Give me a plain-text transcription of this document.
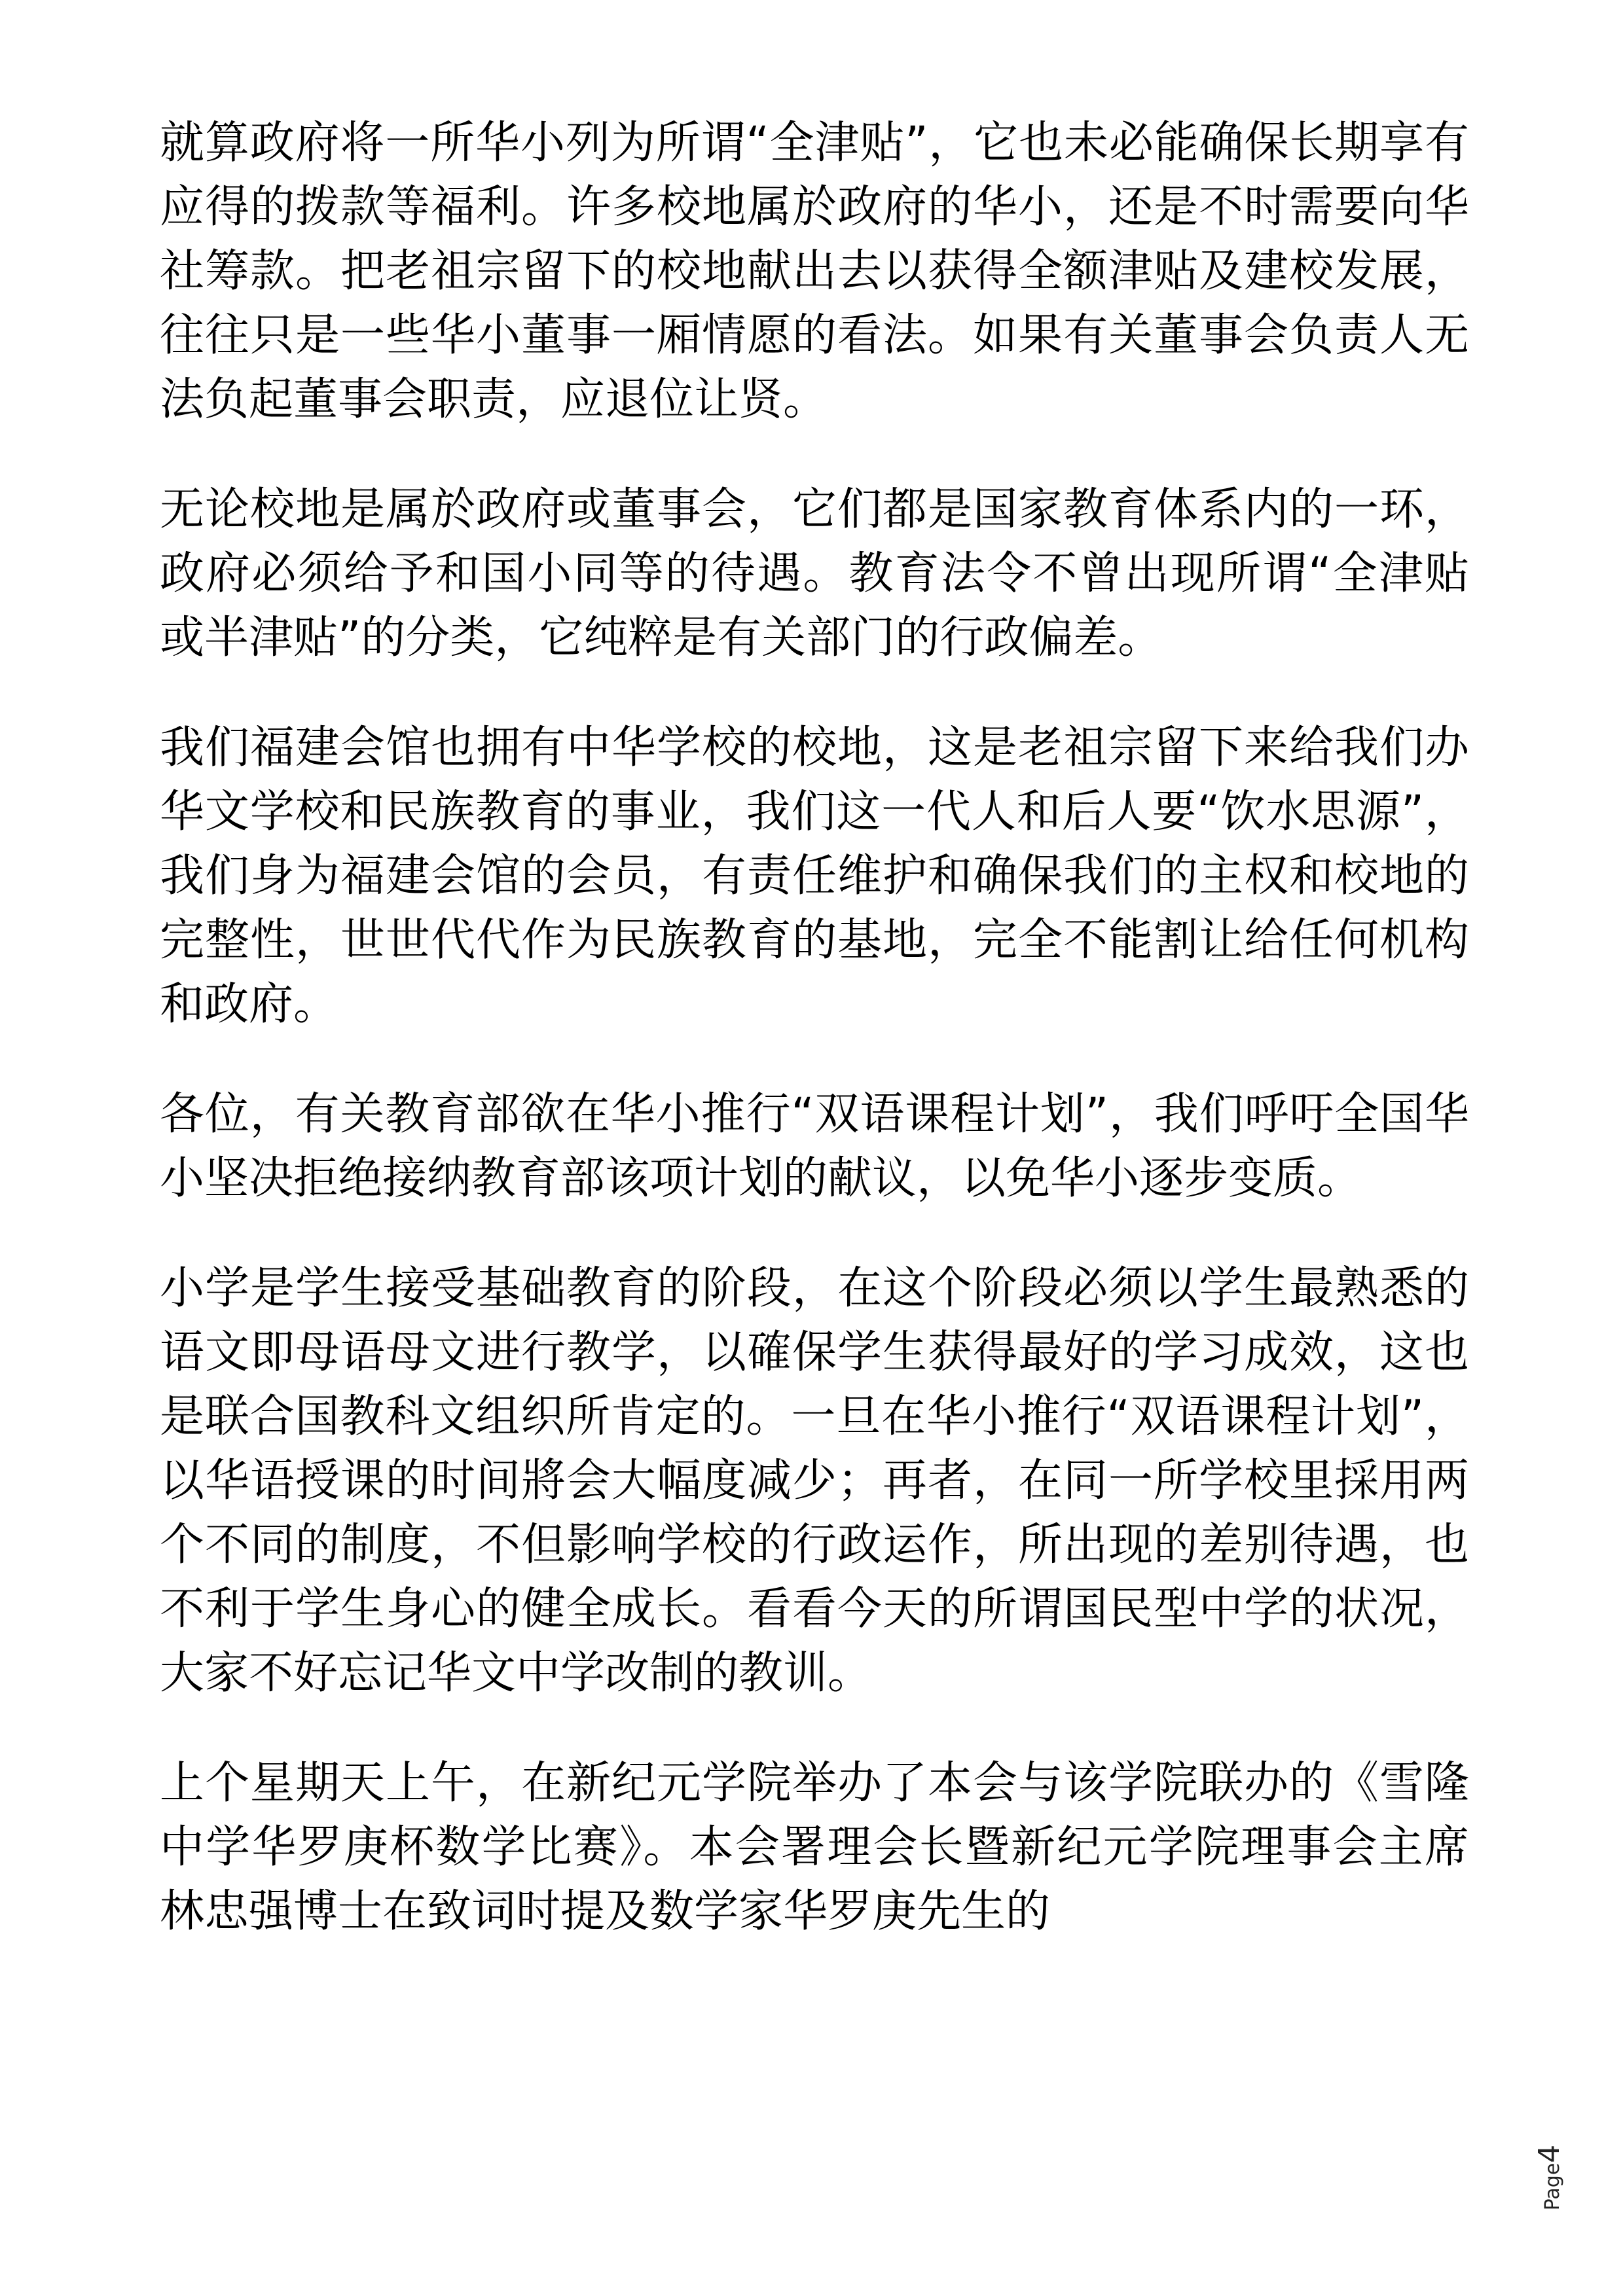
就算政府将一所华小列为所谓“全津贴”，它也未必能确保长期享有应得的拨款等福利。许多校地属於政府的华小，还是不时需要向华社筹款。把老祖宗留下的校地献出去以获得全额津贴及建校发展，往往只是一些华小董事一厢情愿的看法。如果有关董事会负责人无法负起董事会职责，应退位让贤。

无论校地是属於政府或董事会，它们都是国家教育体系内的一环，政府必须给予和国小同等的待遇。教育法令不曾出现所谓“全津贴或半津贴”的分类，它纯粹是有关部门的行政偏差。

我们福建会馆也拥有中华学校的校地，这是老祖宗留下来给我们办华文学校和民族教育的事业，我们这一代人和后人要“饮水思源”，我们身为福建会馆的会员，有责任维护和确保我们的主权和校地的完整性，世世代代作为民族教育的基地，完全不能割让给任何机构和政府。

各位，有关教育部欲在华小推行“双语课程计划”，我们呼吁全国华小坚决拒绝接纳教育部该项计划的献议，以免华小逐步变质。

小学是学生接受基础教育的阶段，在这个阶段必须以学生最熟悉的语文即母语母文进行教学，以確保学生获得最好的学习成效，这也是联合国教科文组织所肯定的。一旦在华小推行“双语课程计划”，以华语授课的时间將会大幅度减少；再者，在同一所学校里採用两个不同的制度，不但影响学校的行政运作，所出现的差别待遇，也不利于学生身心的健全成长。看看今天的所谓国民型中学的状况，大家不好忘记华文中学改制的教训。

上个星期天上午，在新纪元学院举办了本会与该学院联办的《雪隆中学华罗庚杯数学比赛》。本会署理会长暨新纪元学院理事会主席林忠强博士在致词时提及数学家华罗庚先生的

Page
4
